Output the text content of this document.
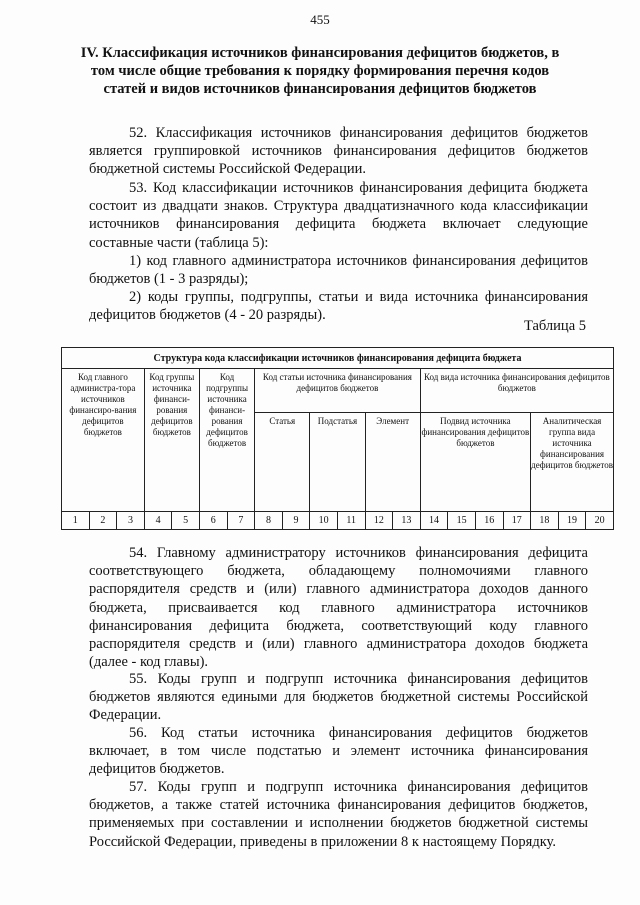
455
IV. Классификация источников финансирования дефицитов бюджетов, в том числе общие требования к порядку формирования перечня кодов статей и видов источников финансирования дефицитов бюджетов

52. Классификация источников финансирования дефицитов бюджетов является группировкой источников финансирования дефицитов бюджетов бюджетной системы Российской Федерации.

53. Код классификации источников финансирования дефицита бюджета состоит из двадцати знаков. Структура двадцатизначного кода классификации источников финансирования дефицита бюджета включает следующие составные части (таблица 5):

1) код главного администратора источников финансирования дефицитов бюджетов (1 - 3 разряды);

2) коды группы, подгруппы, статьи и вида источника финансирования дефицитов бюджетов (4 - 20 разряды).

Таблица 5
Структура кода классификации источников финансирования дефицита бюджета																			
Код главного администра-тора источников финансиро-вания дефицитов бюджетов			Код группы источника финанси-рования дефицитов бюджетов		Код подгруппы источника финанси-рования дефицитов бюджетов		Код статьи источника финансирования дефицитов бюджетов						Код вида источника финансирования дефицитов бюджетов						
							Статья		Подстатья		Элемент		Подвид источника финансирования дефицитов бюджетов				Аналитическая группа вида источника финансирования дефицитов бюджетов		
1	2	3	4	5	6	7	8	9	10	11	12	13	14	15	16	17	18	19	20

54. Главному администратору источников финансирования дефицита соответствующего бюджета, обладающему полномочиями главного распорядителя средств и (или) главного администратора доходов данного бюджета, присваивается код главного администратора источников финансирования дефицита бюджета, соответствующий коду главного распорядителя средств и (или) главного администратора доходов бюджета (далее - код главы).

55. Коды групп и подгрупп источника финансирования дефицитов бюджетов являются едиными для бюджетов бюджетной системы Российской Федерации.

56. Код статьи источника финансирования дефицитов бюджетов включает, в том числе подстатью и элемент источника финансирования дефицитов бюджетов.

57. Коды групп и подгрупп источника финансирования дефицитов бюджетов, а также статей источника финансирования дефицитов бюджетов, применяемых при составлении и исполнении бюджетов бюджетной системы Российской Федерации, приведены в приложении 8 к настоящему Порядку.
